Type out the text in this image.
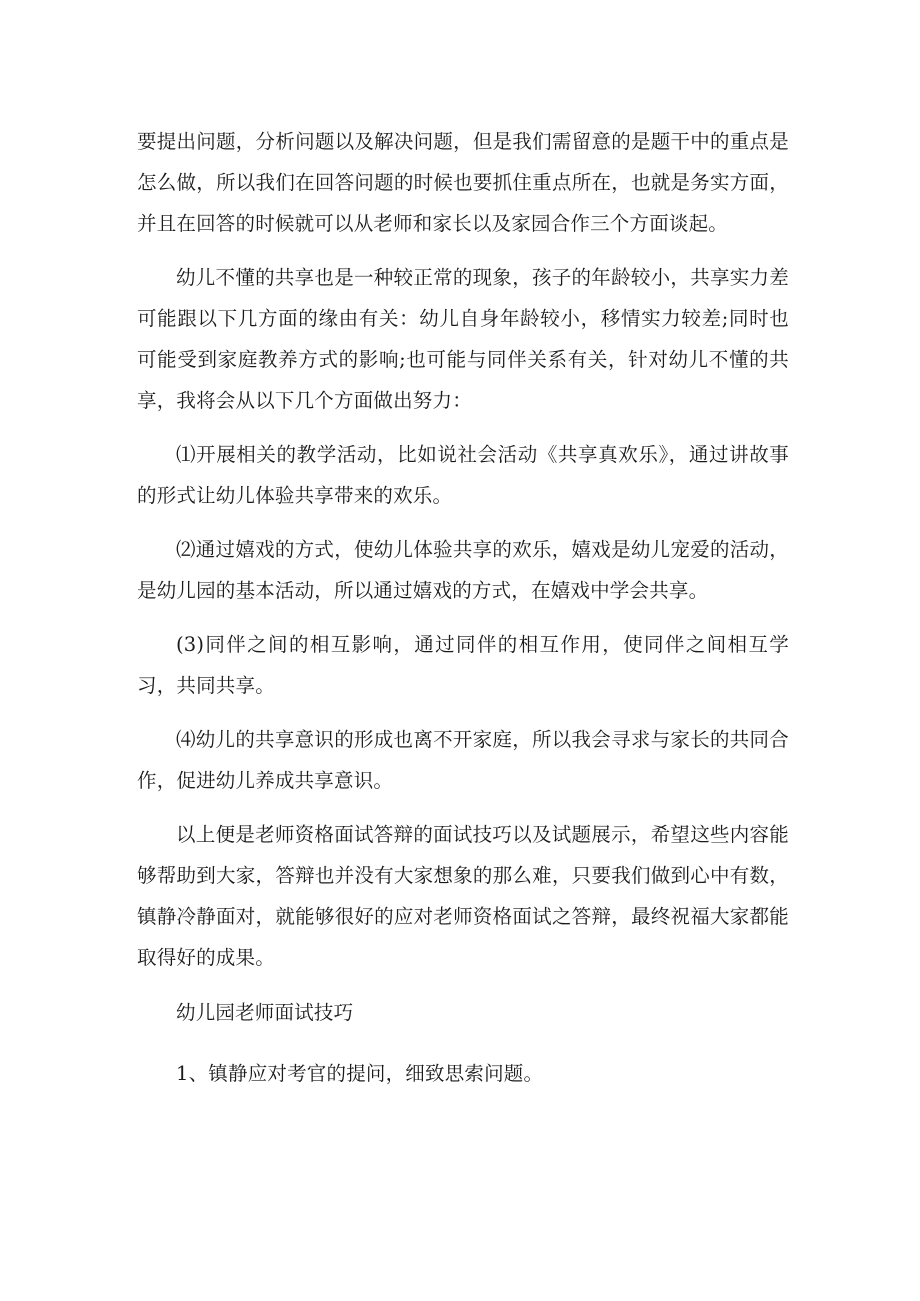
要提出问题，分析问题以及解决问题，但是我们需留意的是题干中的重点是怎么做，所以我们在回答问题的时候也要抓住重点所在，也就是务实方面，并且在回答的时候就可以从老师和家长以及家园合作三个方面谈起。

幼儿不懂的共享也是一种较正常的现象，孩子的年龄较小，共享实力差可能跟以下几方面的缘由有关：幼儿自身年龄较小，移情实力较差;同时也可能受到家庭教养方式的影响;也可能与同伴关系有关，针对幼儿不懂的共享，我将会从以下几个方面做出努力：

⑴开展相关的教学活动，比如说社会活动《共享真欢乐》，通过讲故事的形式让幼儿体验共享带来的欢乐。

⑵通过嬉戏的方式，使幼儿体验共享的欢乐，嬉戏是幼儿宠爱的活动，是幼儿园的基本活动，所以通过嬉戏的方式，在嬉戏中学会共享。

(3)同伴之间的相互影响，通过同伴的相互作用，使同伴之间相互学习，共同共享。

⑷幼儿的共享意识的形成也离不开家庭，所以我会寻求与家长的共同合作，促进幼儿养成共享意识。

以上便是老师资格面试答辩的面试技巧以及试题展示，希望这些内容能够帮助到大家，答辩也并没有大家想象的那么难，只要我们做到心中有数，镇静冷静面对，就能够很好的应对老师资格面试之答辩，最终祝福大家都能取得好的成果。

幼儿园老师面试技巧

1、镇静应对考官的提问，细致思索问题。
